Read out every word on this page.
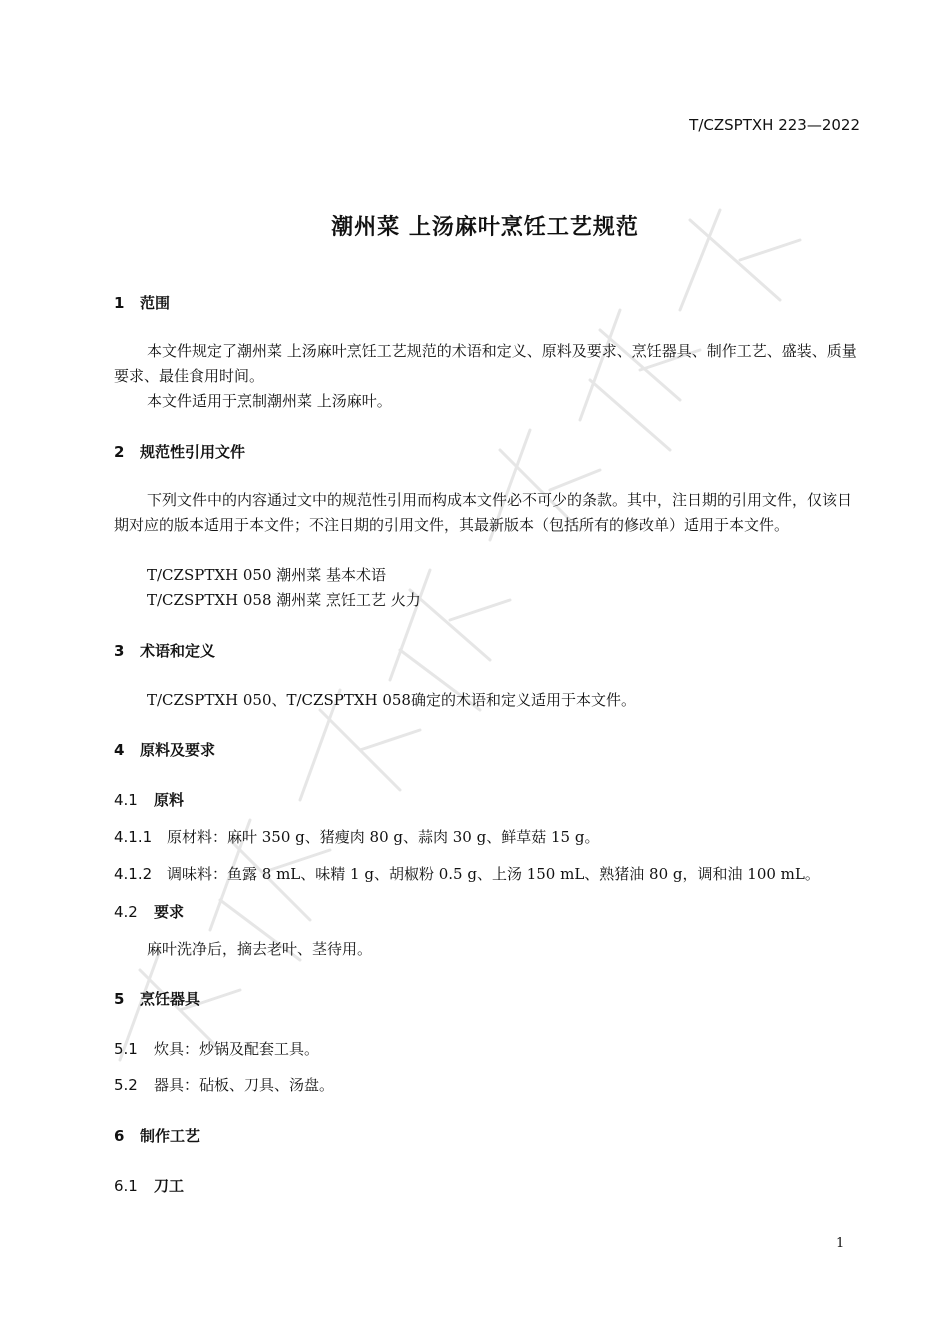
T/CZSPTXH 223—2022
潮州菜 上汤麻叶烹饪工艺规范
1 范围
本文件规定了潮州菜 上汤麻叶烹饪工艺规范的术语和定义、原料及要求、烹饪器具、制作工艺、盛装、质量要求、最佳食用时间。
本文件适用于烹制潮州菜 上汤麻叶。
2 规范性引用文件
下列文件中的内容通过文中的规范性引用而构成本文件必不可少的条款。其中，注日期的引用文件，仅该日期对应的版本适用于本文件；不注日期的引用文件，其最新版本（包括所有的修改单）适用于本文件。
T/CZSPTXH 050 潮州菜 基本术语
T/CZSPTXH 058 潮州菜 烹饪工艺 火力
3 术语和定义
T/CZSPTXH 050、T/CZSPTXH 058确定的术语和定义适用于本文件。
4 原料及要求
4.1 原料
4.1.1 原材料：麻叶 350 g、猪瘦肉 80 g、蒜肉 30 g、鲜草菇 15 g。
4.1.2 调味料：鱼露 8 mL、味精 1 g、胡椒粉 0.5 g、上汤 150 mL、熟猪油 80 g，调和油 100 mL。
4.2 要求
麻叶洗净后，摘去老叶、茎待用。
5 烹饪器具
5.1 炊具：炒锅及配套工具。
5.2 器具：砧板、刀具、汤盘。
6 制作工艺
6.1 刀工
1
